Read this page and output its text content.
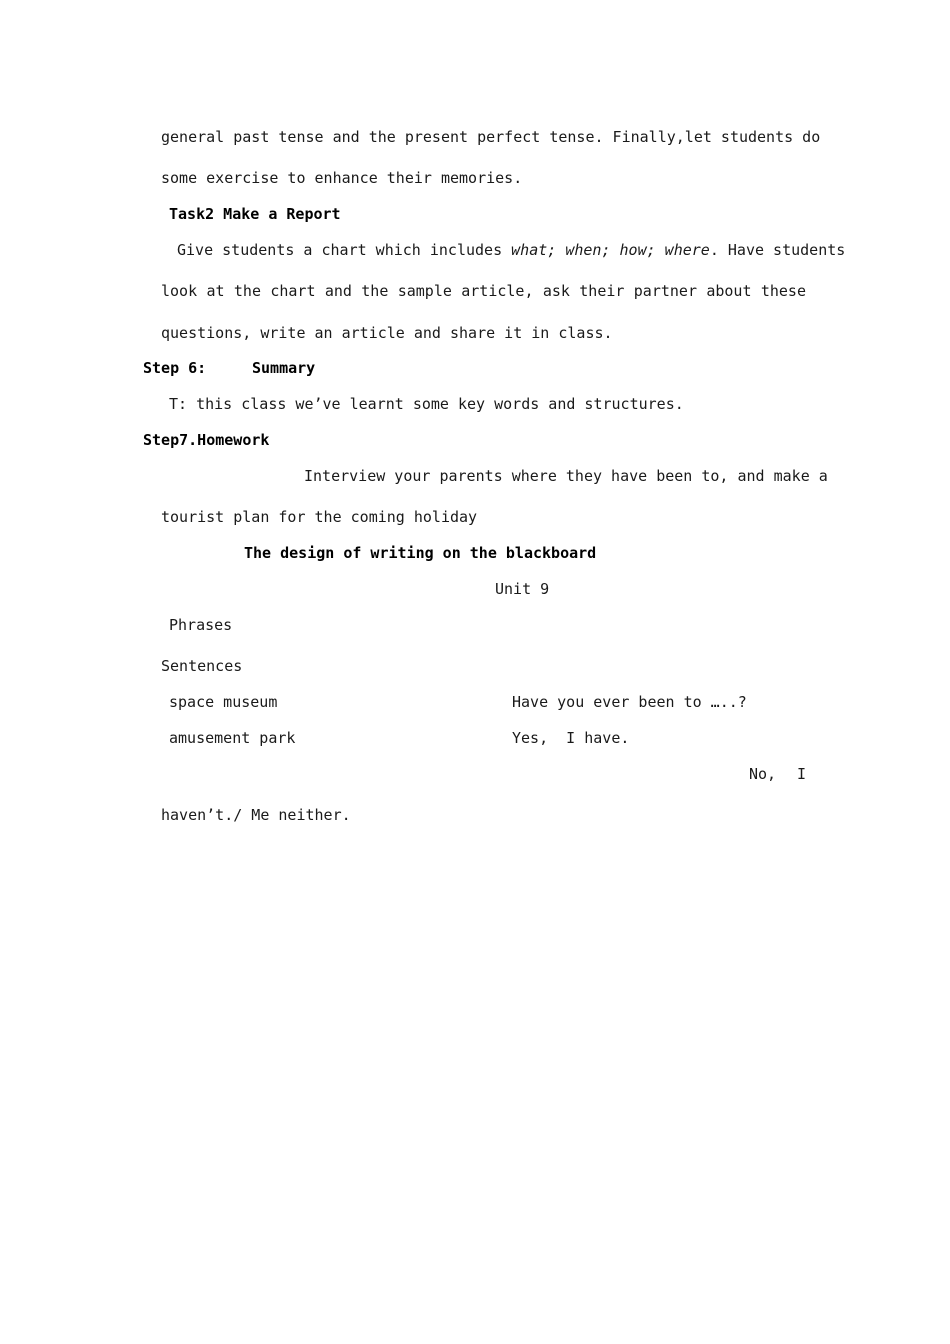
general past tense and the present perfect tense. Finally,let students do
some exercise to enhance their memories.
Task2 Make a Report
Give students a chart which includes what; when; how; where. Have students
look at the chart and the sample article, ask their partner about these
questions, write an article and share it in class.
Step 6:	Summary
T: this class we’ve learnt some key words and structures.
Step7.Homework
Interview your parents where they have been to, and make a
tourist plan for the coming holiday
The design of writing on the blackboard
Unit 9
Phrases
Sentences
space museum	Have you ever been to …..?
amusement park	Yes,  I have.
No, I
haven’t./ Me neither.
